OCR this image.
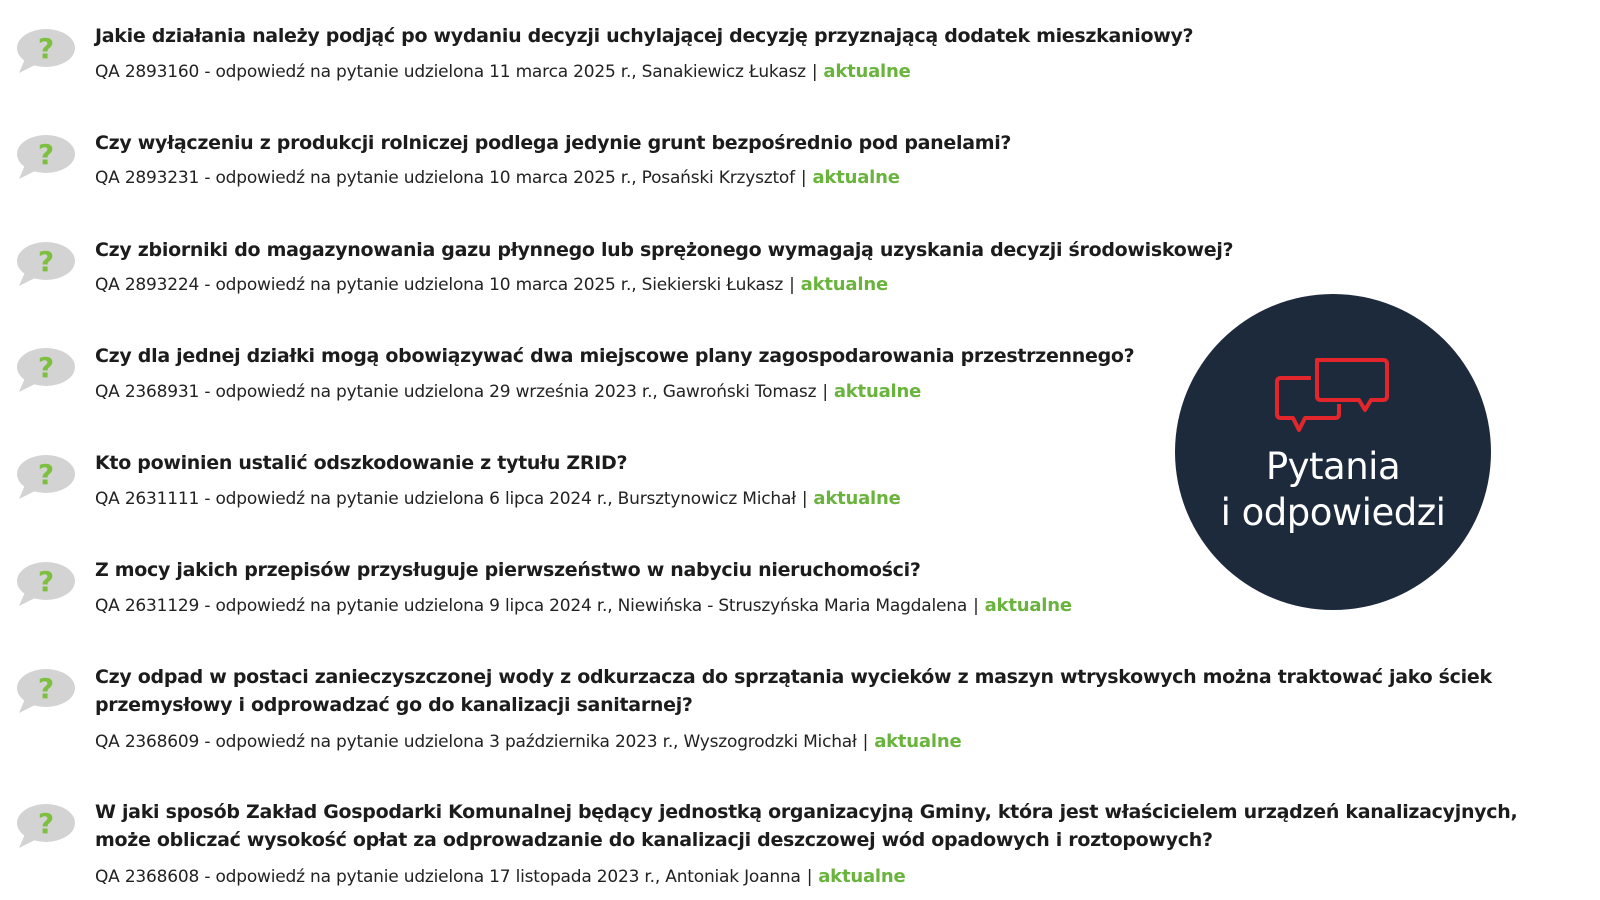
? Jakie działania należy podjąć po wydaniu decyzji uchylającej decyzję przyznającą dodatek mieszkaniowy?
QA 2893160 - odpowiedź na pytanie udzielona 11 marca 2025 r., Sanakiewicz Łukasz | aktualne
? Czy wyłączeniu z produkcji rolniczej podlega jedynie grunt bezpośrednio pod panelami?
QA 2893231 - odpowiedź na pytanie udzielona 10 marca 2025 r., Posański Krzysztof | aktualne
? Czy zbiorniki do magazynowania gazu płynnego lub sprężonego wymagają uzyskania decyzji środowiskowej?
QA 2893224 - odpowiedź na pytanie udzielona 10 marca 2025 r., Siekierski Łukasz | aktualne
? Czy dla jednej działki mogą obowiązywać dwa miejscowe plany zagospodarowania przestrzennego?
QA 2368931 - odpowiedź na pytanie udzielona 29 września 2023 r., Gawroński Tomasz | aktualne
? Kto powinien ustalić odszkodowanie z tytułu ZRID?
QA 2631111 - odpowiedź na pytanie udzielona 6 lipca 2024 r., Bursztynowicz Michał | aktualne
? Z mocy jakich przepisów przysługuje pierwszeństwo w nabyciu nieruchomości?
QA 2631129 - odpowiedź na pytanie udzielona 9 lipca 2024 r., Niewińska - Struszyńska Maria Magdalena | aktualne
? Czy odpad w postaci zanieczyszczonej wody z odkurzacza do sprzątania wycieków z maszyn wtryskowych można traktować jako ściek przemysłowy i odprowadzać go do kanalizacji sanitarnej?
QA 2368609 - odpowiedź na pytanie udzielona 3 października 2023 r., Wyszogrodzki Michał | aktualne
? W jaki sposób Zakład Gospodarki Komunalnej będący jednostką organizacyjną Gminy, która jest właścicielem urządzeń kanalizacyjnych, może obliczać wysokość opłat za odprowadzanie do kanalizacji deszczowej wód opadowych i roztopowych?
QA 2368608 - odpowiedź na pytanie udzielona 17 listopada 2023 r., Antoniak Joanna | aktualne
Pytania
i odpowiedzi
